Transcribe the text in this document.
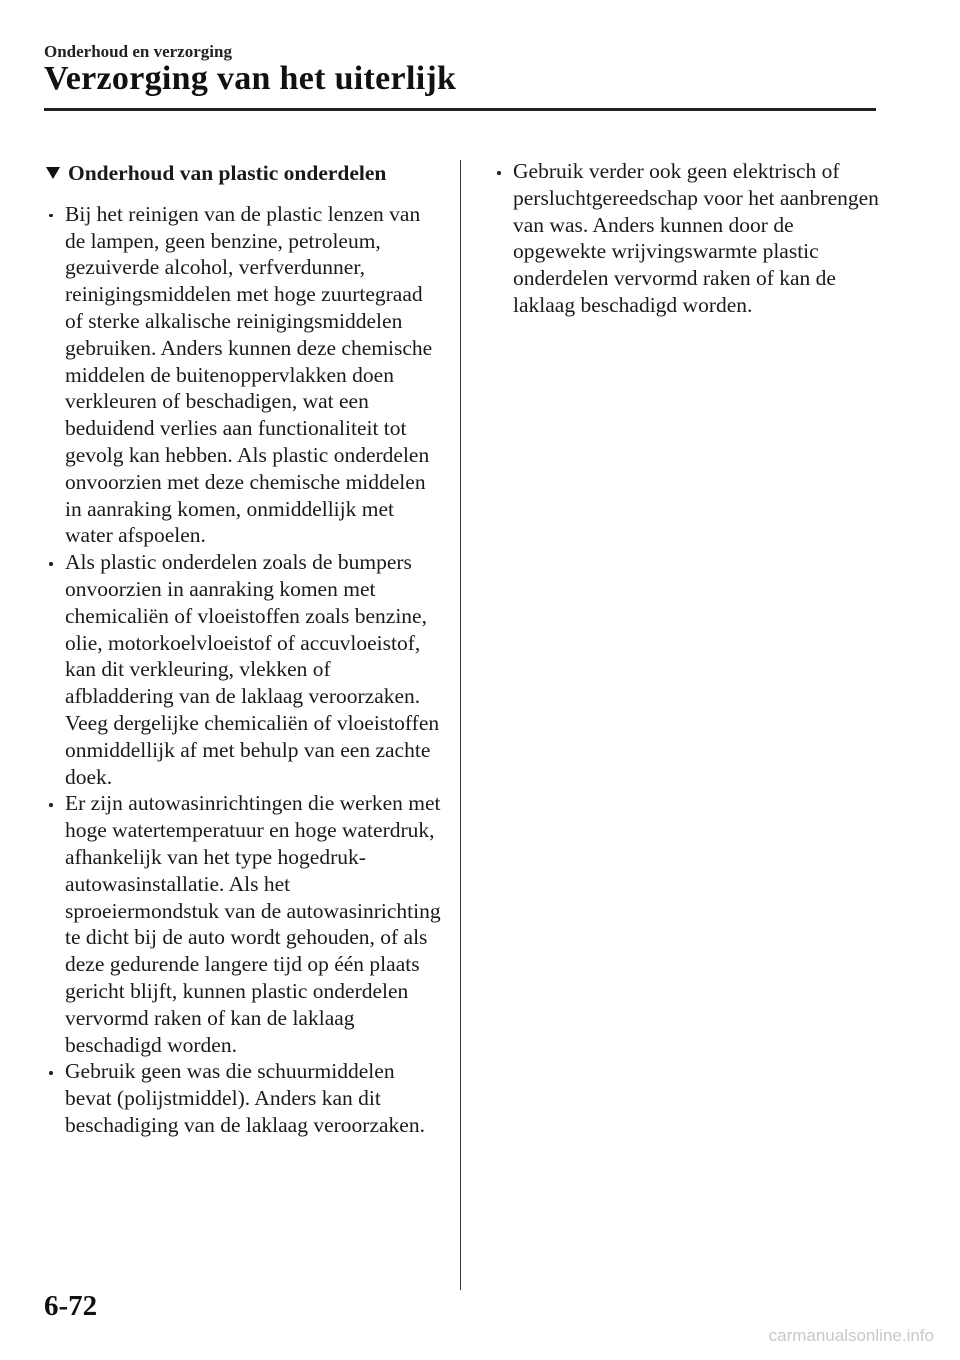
Onderhoud en verzorging
Verzorging van het uiterlijk
Onderhoud van plastic onderdelen
Bij het reinigen van de plastic lenzen van de lampen, geen benzine, petroleum, gezuiverde alcohol, verfverdunner, reinigingsmiddelen met hoge zuurtegraad of sterke alkalische reinigingsmiddelen gebruiken. Anders kunnen deze chemische middelen de buitenoppervlakken doen verkleuren of beschadigen, wat een beduidend verlies aan functionaliteit tot gevolg kan hebben. Als plastic onderdelen onvoorzien met deze chemische middelen in aanraking komen, onmiddellijk met water afspoelen.
Als plastic onderdelen zoals de bumpers onvoorzien in aanraking komen met chemicaliën of vloeistoffen zoals benzine, olie, motorkoelvloeistof of accuvloeistof, kan dit verkleuring, vlekken of afbladdering van de laklaag veroorzaken. Veeg dergelijke chemicaliën of vloeistoffen onmiddellijk af met behulp van een zachte doek.
Er zijn autowasinrichtingen die werken met hoge watertemperatuur en hoge waterdruk, afhankelijk van het type hogedruk-autowasinstallatie. Als het sproeiermondstuk van de autowasinrichting te dicht bij de auto wordt gehouden, of als deze gedurende langere tijd op één plaats gericht blijft, kunnen plastic onderdelen vervormd raken of kan de laklaag beschadigd worden.
Gebruik geen was die schuurmiddelen bevat (polijstmiddel). Anders kan dit beschadiging van de laklaag veroorzaken.
Gebruik verder ook geen elektrisch of persluchtgereedschap voor het aanbrengen van was. Anders kunnen door de opgewekte wrijvingswarmte plastic onderdelen vervormd raken of kan de laklaag beschadigd worden.
6-72
carmanualsonline.info
